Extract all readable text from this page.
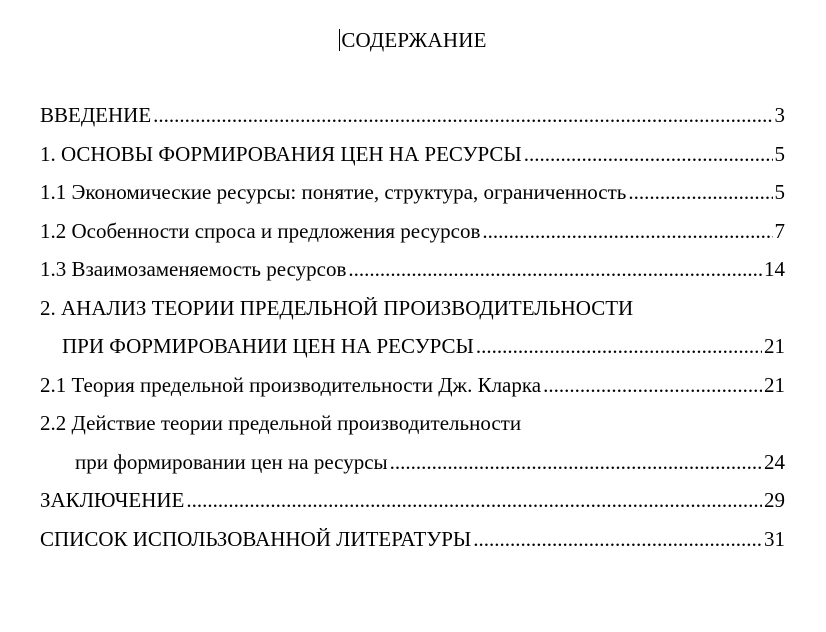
СОДЕРЖАНИЕ
ВВЕДЕНИЕ .....	3
1. ОСНОВЫ ФОРМИРОВАНИЯ ЦЕН НА РЕСУРСЫ .....	5
1.1 Экономические ресурсы: понятие, структура, ограниченность .....	5
1.2 Особенности спроса и предложения ресурсов .....	7
1.3 Взаимозаменяемость ресурсов .....	14
2. АНАЛИЗ ТЕОРИИ ПРЕДЕЛЬНОЙ ПРОИЗВОДИТЕЛЬНОСТИ
ПРИ ФОРМИРОВАНИИ ЦЕН НА РЕСУРСЫ .....	21
2.1 Теория предельной производительности Дж. Кларка .....	21
2.2 Действие теории предельной производительности
при формировании цен на ресурсы .....	24
ЗАКЛЮЧЕНИЕ .....	29
СПИСОК ИСПОЛЬЗОВАННОЙ ЛИТЕРАТУРЫ .....	31
